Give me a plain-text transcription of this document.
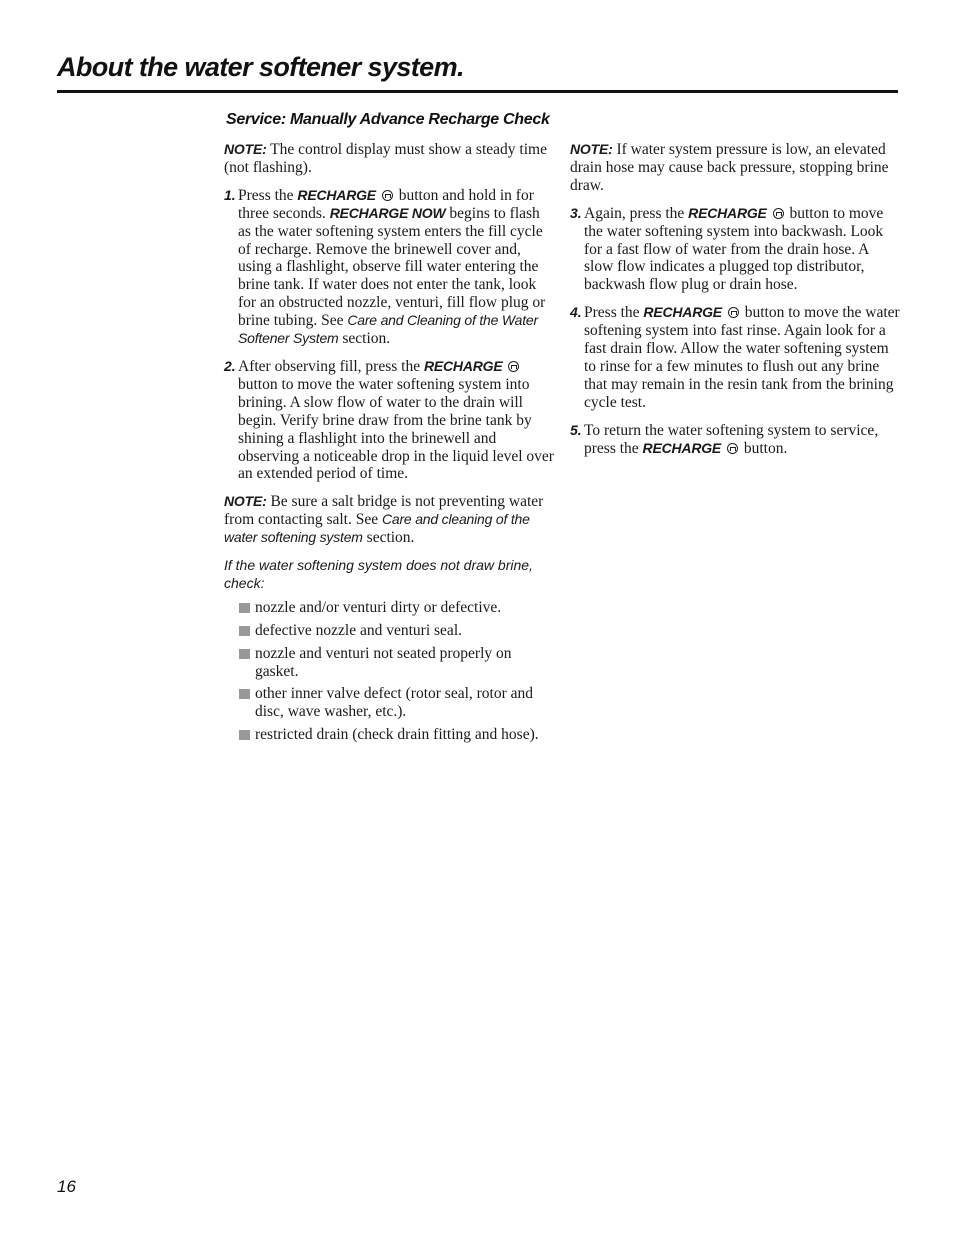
About the water softener system.
Service: Manually Advance Recharge Check

NOTE: The control display must show a steady time (not flashing).

1. Press the RECHARGE  button and hold in for three seconds. RECHARGE NOW begins to flash as the water softening system enters the fill cycle of recharge. Remove the brinewell cover and, using a flashlight, observe fill water entering the brine tank. If water does not enter the tank, look for an obstructed nozzle, venturi, fill flow plug or brine tubing. See Care and Cleaning of the Water Softener System section.
2. After observing fill, press the RECHARGE  button to move the water softening system into brining. A slow flow of water to the drain will begin. Verify brine draw from the brine tank by shining a flashlight into the brinewell and observing a noticeable drop in the liquid level over an extended period of time.

NOTE: Be sure a salt bridge is not preventing water from contacting salt. See Care and cleaning of the water softening system section.

If the water softening system does not draw brine, check:

nozzle and/or venturi dirty or defective.
defective nozzle and venturi seal.
nozzle and venturi not seated properly on gasket.
other inner valve defect (rotor seal, rotor and disc, wave washer, etc.).
restricted drain (check drain fitting and hose).

NOTE: If water system pressure is low, an elevated drain hose may cause back pressure, stopping brine draw.

3. Again, press the RECHARGE  button to move the water softening system into backwash. Look for a fast flow of water from the drain hose. A slow flow indicates a plugged top distributor, backwash flow plug or drain hose.
4. Press the RECHARGE  button to move the water softening system into fast rinse. Again look for a fast drain flow. Allow the water softening system to rinse for a few minutes to flush out any brine that may remain in the resin tank from the brining cycle test.
5. To return the water softening system to service, press the RECHARGE  button.
16
